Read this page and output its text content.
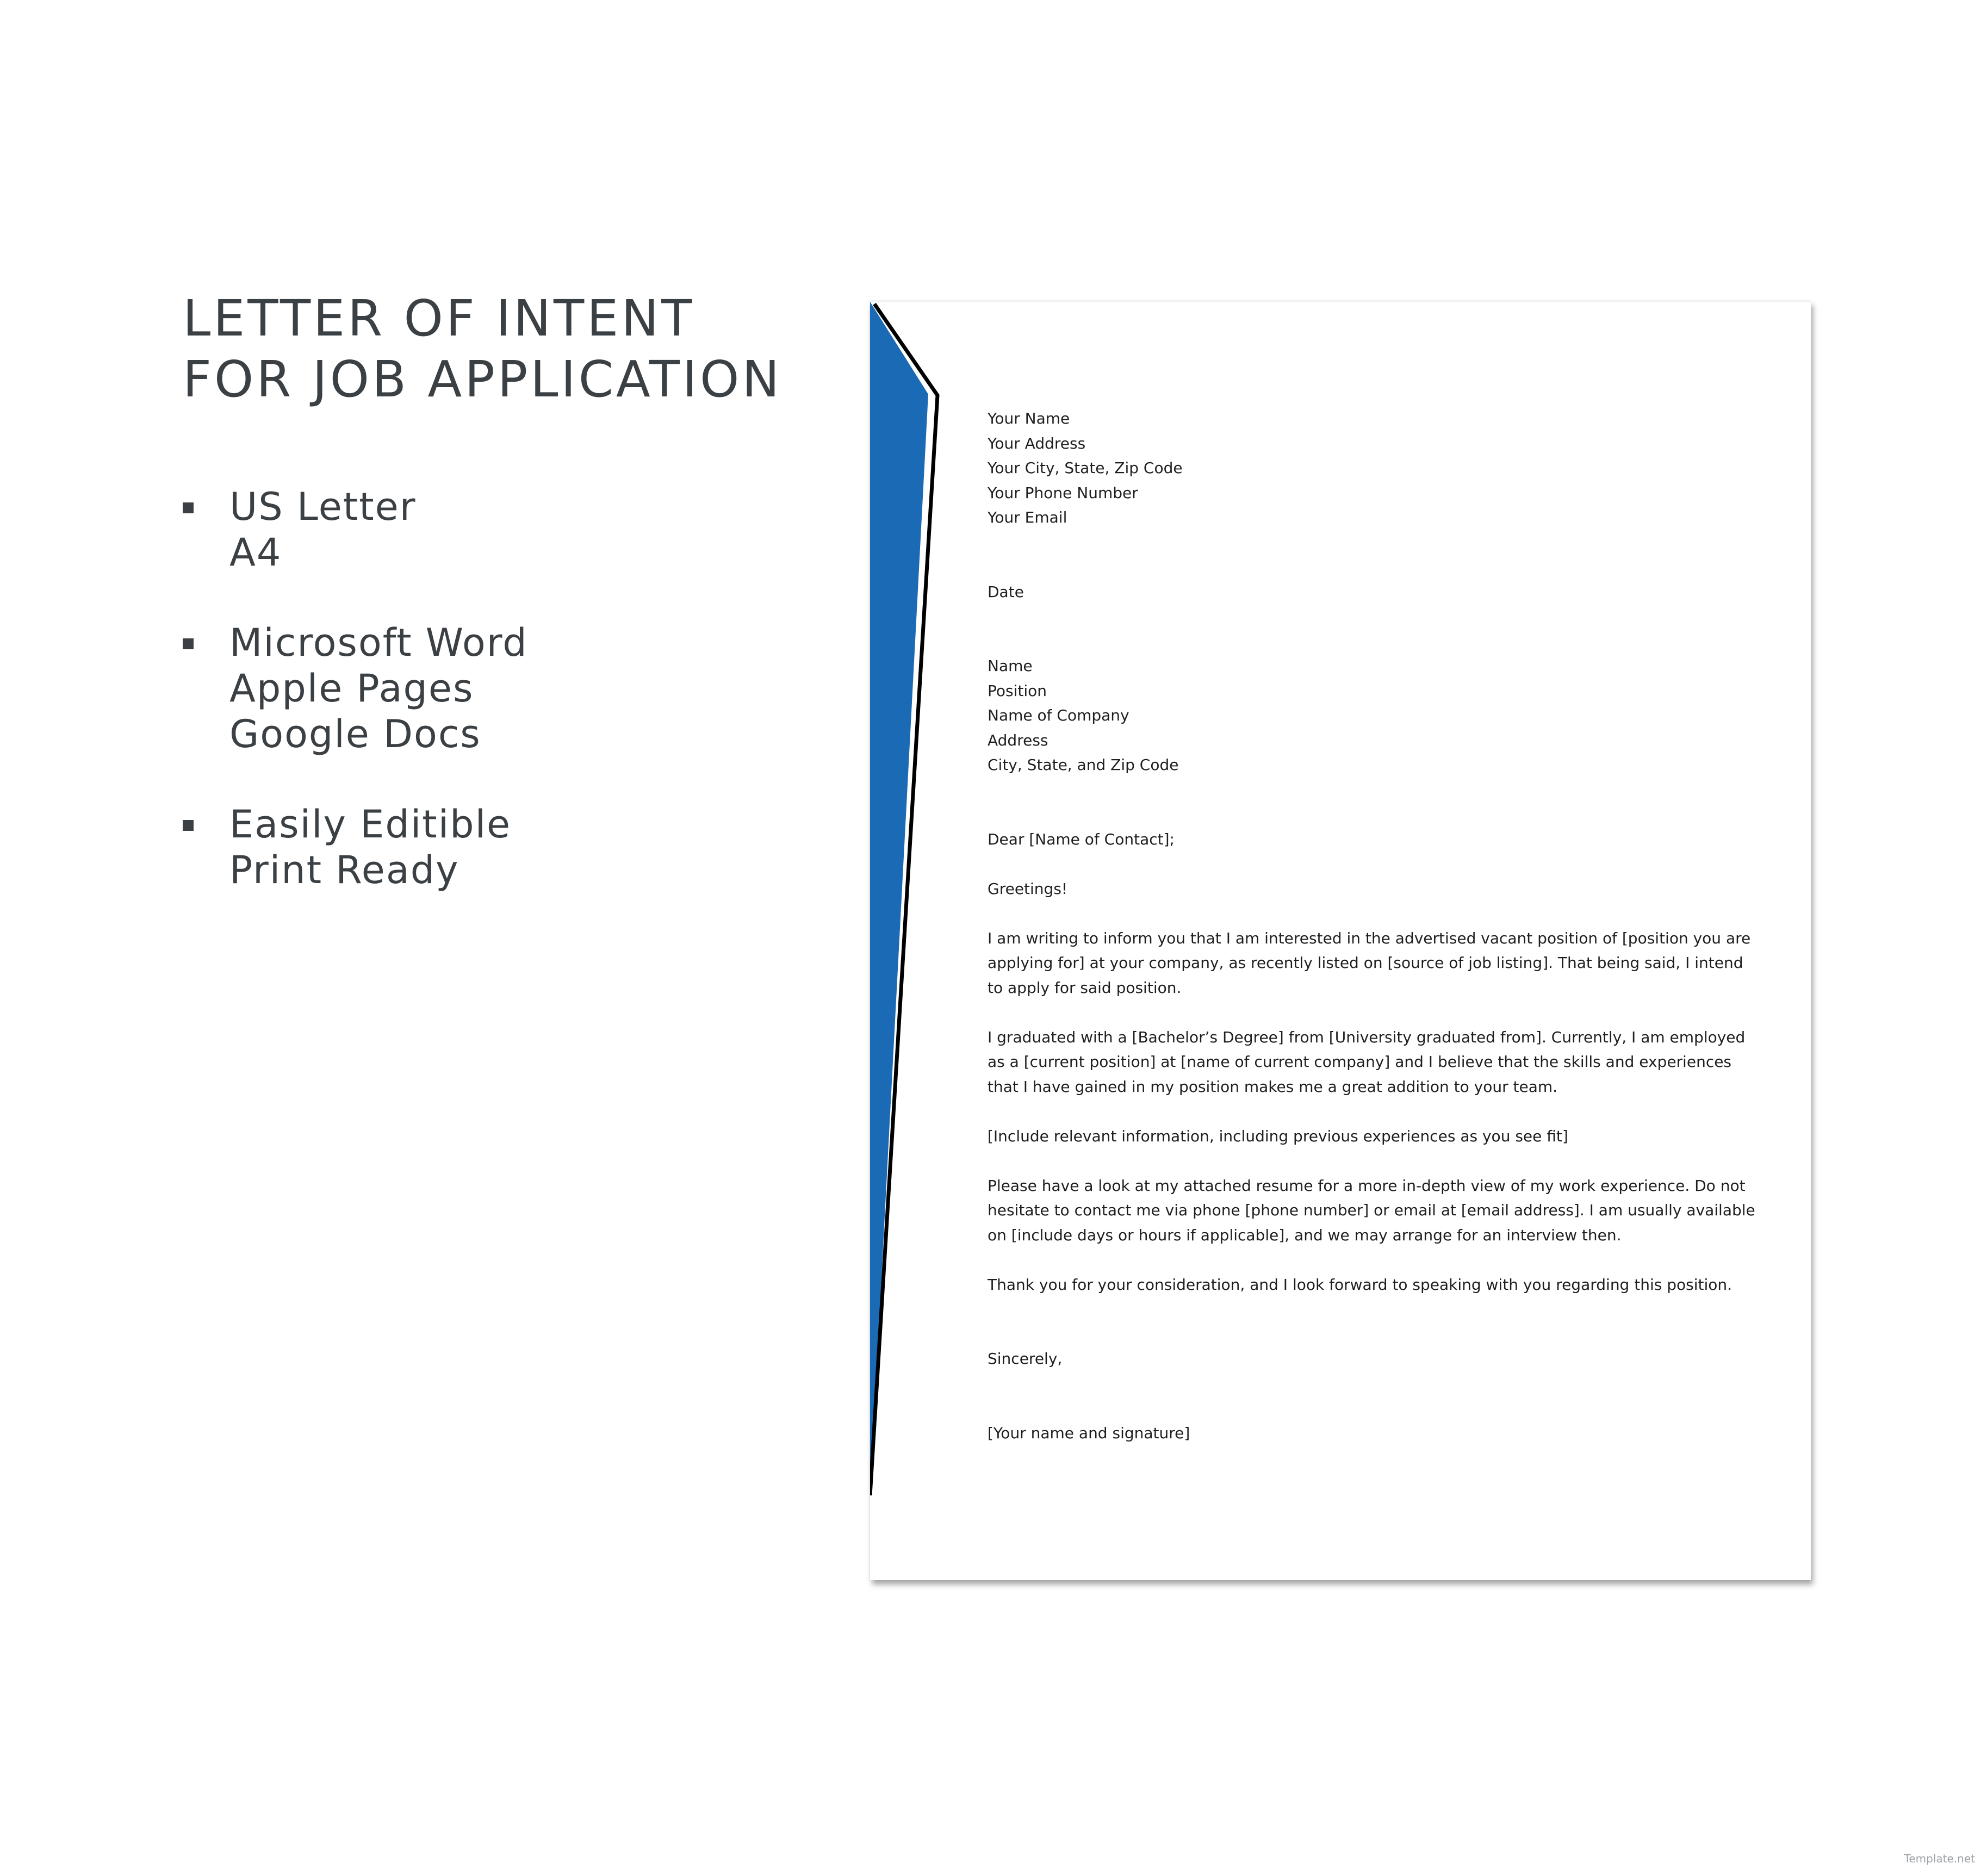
LETTER OF INTENT
FOR JOB APPLICATION
US Letter
A4
Microsoft Word
Apple Pages
Google Docs
Easily Editible
Print Ready
Your Name
Your Address
Your City, State, Zip Code
Your Phone Number
Your Email
Date
Name
Position
Name of Company
Address
City, State, and Zip Code
Dear [Name of Contact];
Greetings!

I am writing to inform you that I am interested in the advertised vacant position of [position you are
applying for] at your company, as recently listed on [source of job listing]. That being said, I intend
to apply for said position.

I graduated with a [Bachelor’s Degree] from [University graduated from]. Currently, I am employed
as a [current position] at [name of current company] and I believe that the skills and experiences
that I have gained in my position makes me a great addition to your team.

[Include relevant information, including previous experiences as you see fit]

Please have a look at my attached resume for a more in-depth view of my work experience. Do not
hesitate to contact me via phone [phone number] or email at [email address]. I am usually available
on [include days or hours if applicable], and we may arrange for an interview then.

Thank you for your consideration, and I look forward to speaking with you regarding this position.

Sincerely,
[Your name and signature]
Template.net
